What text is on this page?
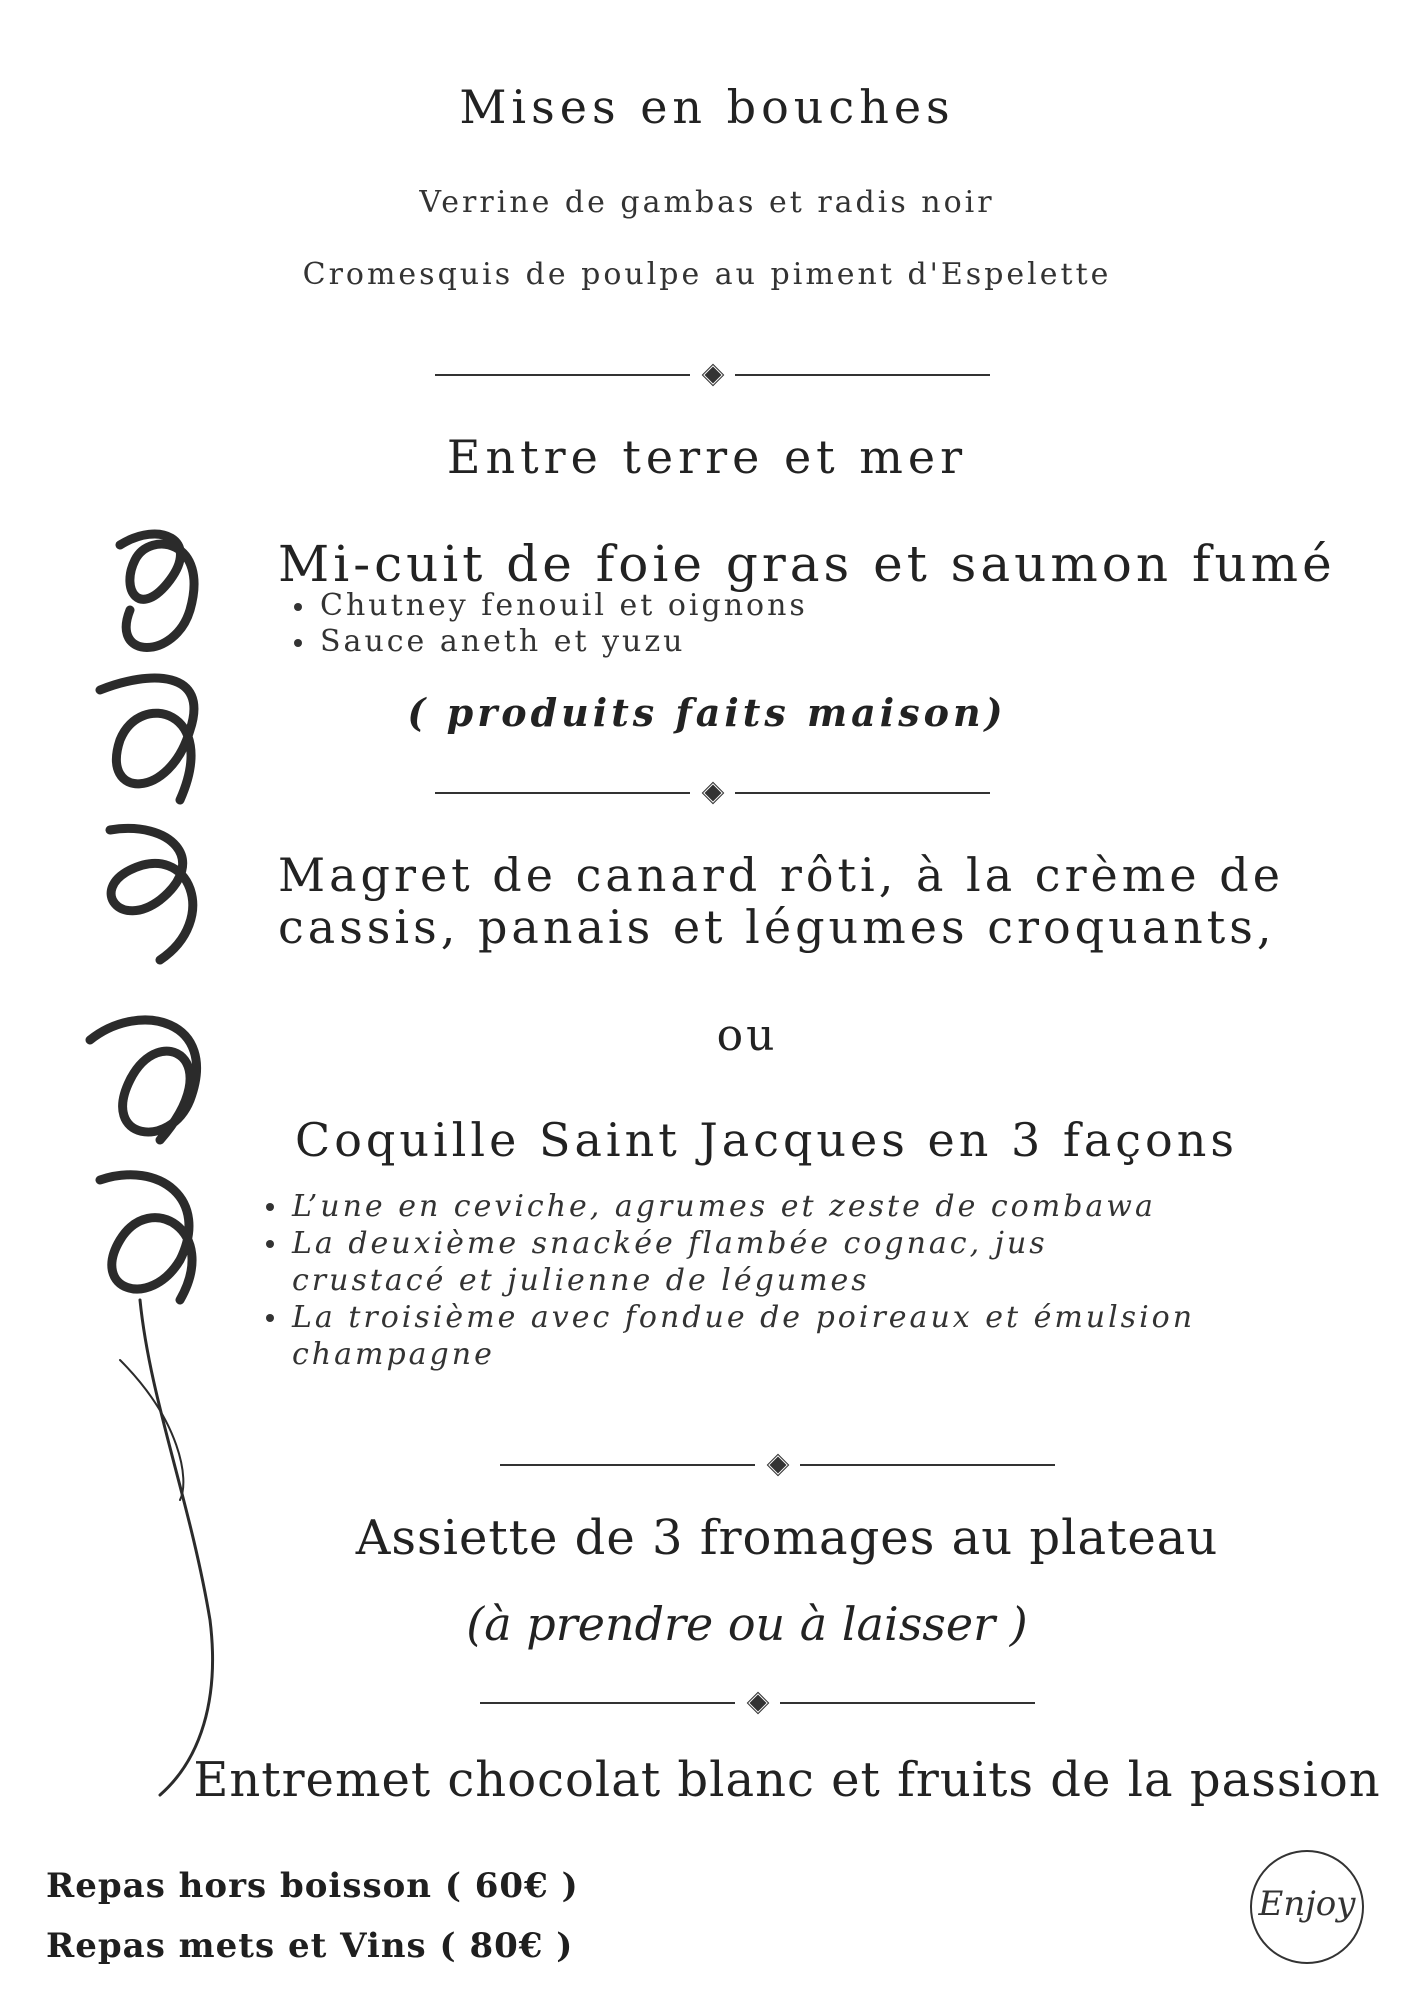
Mises en bouches
Verrine de gambas et radis noir
Cromesquis de poulpe au piment d'Espelette
Entre terre et mer
Mi-cuit de foie gras et saumon fumé
Chutney fenouil et oignons
Sauce aneth et yuzu
( produits faits maison)
Magret de canard rôti, à la crème de
cassis, panais et légumes croquants,
ou
Coquille Saint Jacques en 3 façons
L’une en ceviche, agrumes et zeste de combawa
La deuxième snackée flambée cognac, jus crustacé et julienne de légumes
La troisième avec fondue de poireaux et émulsion champagne
Assiette de 3 fromages au plateau
(à prendre ou à laisser )
Entremet chocolat blanc et fruits de la passion
Repas hors boisson ( 60€ )
Repas mets et Vins ( 80€ )
Enjoy
